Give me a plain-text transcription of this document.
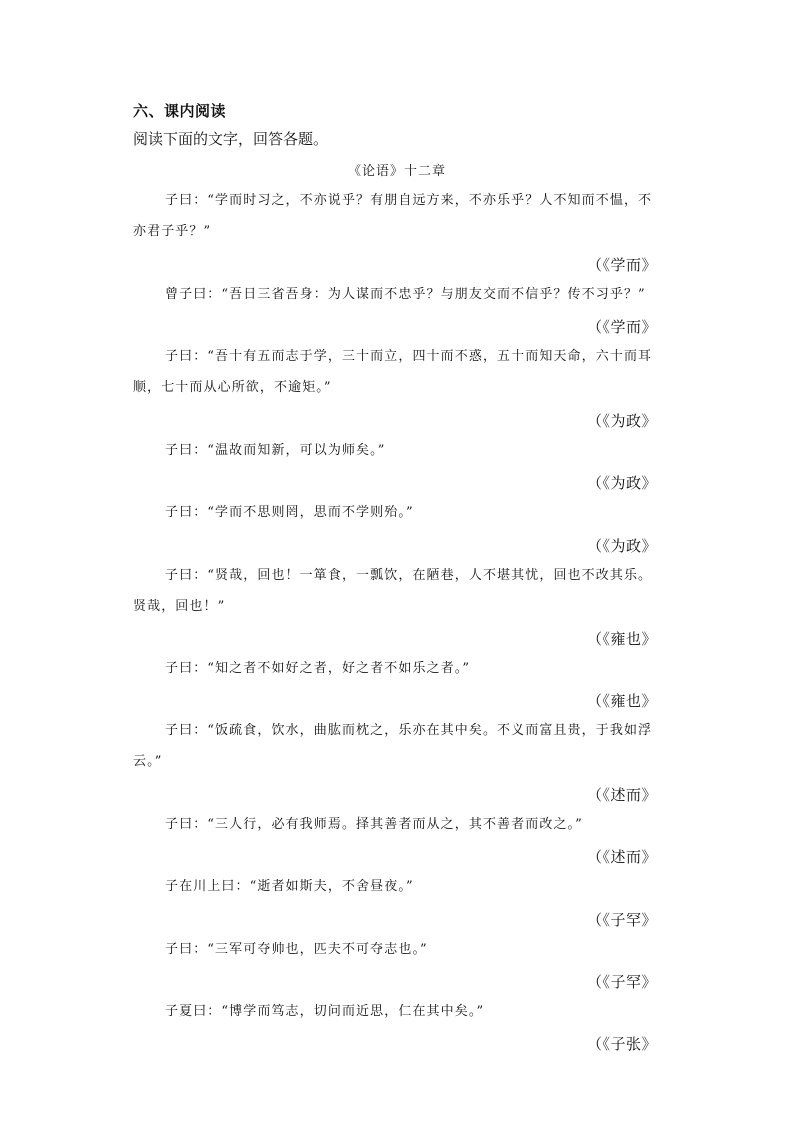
六、课内阅读
阅读下面的文字，回答各题。
《论语》十二章
子曰：“学而时习之，不亦说乎？有朋自远方来，不亦乐乎？人不知而不愠，不亦君子乎？”
（《学而》
曾子曰：“吾日三省吾身：为人谋而不忠乎？与朋友交而不信乎？传不习乎？”
（《学而》
子曰：“吾十有五而志于学，三十而立，四十而不惑，五十而知天命，六十而耳顺，七十而从心所欲，不逾矩。”
（《为政》
子曰：“温故而知新，可以为师矣。”
（《为政》
子曰：“学而不思则罔，思而不学则殆。”
（《为政》
子曰：“贤哉，回也！一箪食，一瓢饮，在陋巷，人不堪其忧，回也不改其乐。贤哉，回也！”
（《雍也》
子曰：“知之者不如好之者，好之者不如乐之者。”
（《雍也》
子曰：“饭疏食，饮水，曲肱而枕之，乐亦在其中矣。不义而富且贵，于我如浮云。”
（《述而》
子曰：“三人行，必有我师焉。择其善者而从之，其不善者而改之。”
（《述而》
子在川上曰：“逝者如斯夫，不舍昼夜。”
（《子罕》
子曰：“三军可夺帅也，匹夫不可夺志也。”
（《子罕》
子夏曰：“博学而笃志，切问而近思，仁在其中矣。”
（《子张》
